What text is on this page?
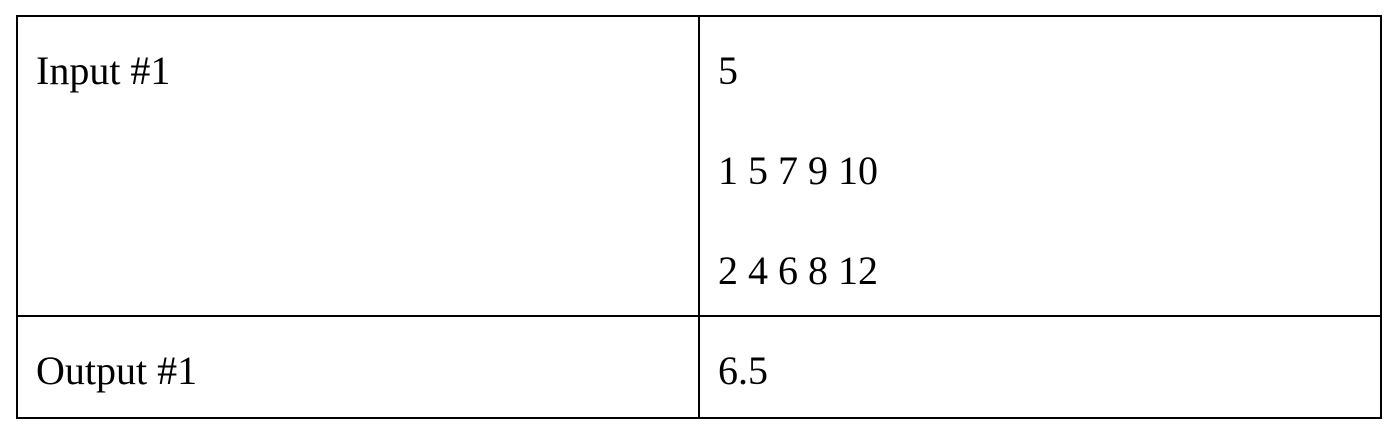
Input #1	5
1 5 7 9 10
2 4 6 8 12

Output #1	6.5
